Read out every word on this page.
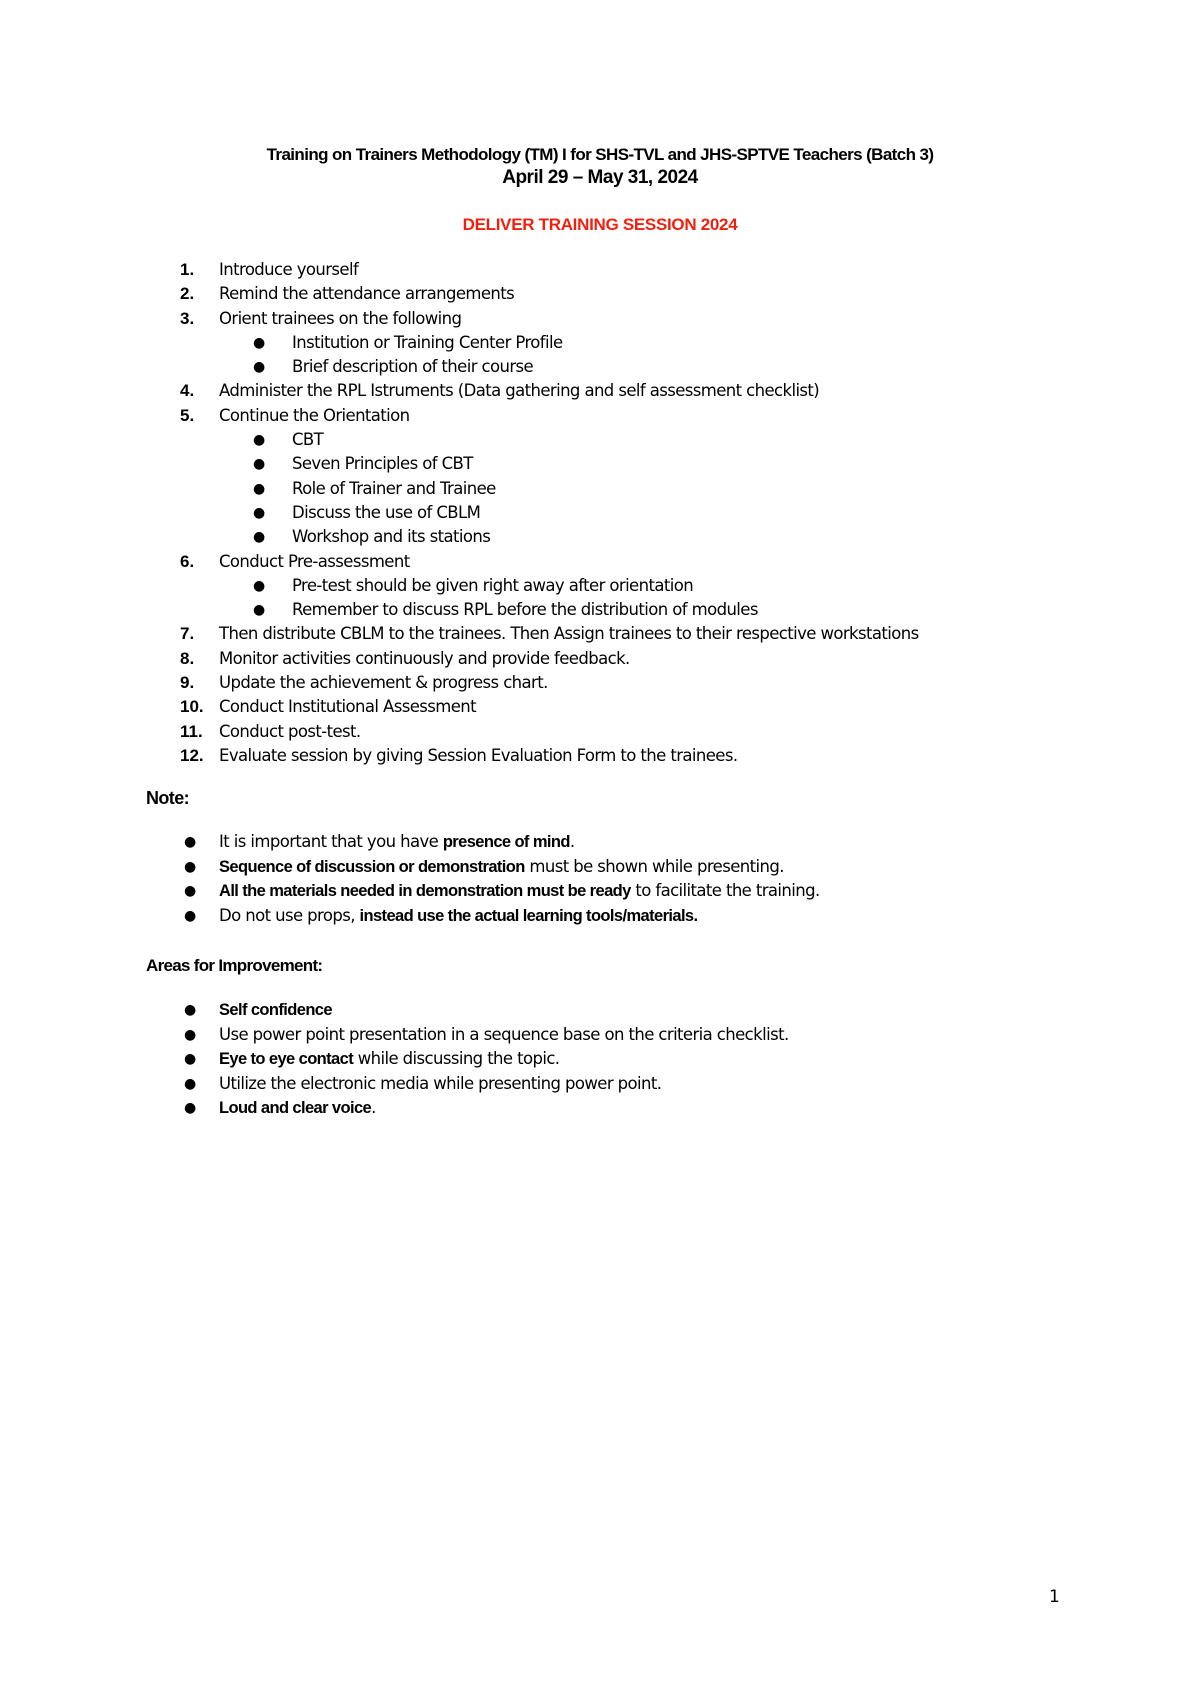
Training on Trainers Methodology (TM) I for SHS-TVL and JHS-SPTVE Teachers (Batch 3)
April 29 – May 31, 2024
DELIVER TRAINING SESSION 2024
1.	Introduce yourself
2.	Remind the attendance arrangements
3.	Orient trainees on the following
● Institution or Training Center Profile
● Brief description of their course
4.	Administer the RPL Istruments (Data gathering and self assessment checklist)
5.	Continue the Orientation
● CBT
● Seven Principles of CBT
● Role of Trainer and Trainee
● Discuss the use of CBLM
● Workshop and its stations
6.	Conduct Pre-assessment
● Pre-test should be given right away after orientation
● Remember to discuss RPL before the distribution of modules
7.	Then distribute CBLM to the trainees. Then Assign trainees to their respective workstations
8.	Monitor activities continuously and provide feedback.
9.	Update the achievement & progress chart.
10. Conduct Institutional Assessment
11. Conduct post-test.
12. Evaluate session by giving Session Evaluation Form to the trainees.
Note:
● It is important that you have presence of mind.
● Sequence of discussion or demonstration must be shown while presenting.
● All the materials needed in demonstration must be ready to facilitate the training.
● Do not use props, instead use the actual learning tools/materials.
Areas for Improvement:
● Self confidence
● Use power point presentation in a sequence base on the criteria checklist.
● Eye to eye contact while discussing the topic.
● Utilize the electronic media while presenting power point.
● Loud and clear voice.
1
